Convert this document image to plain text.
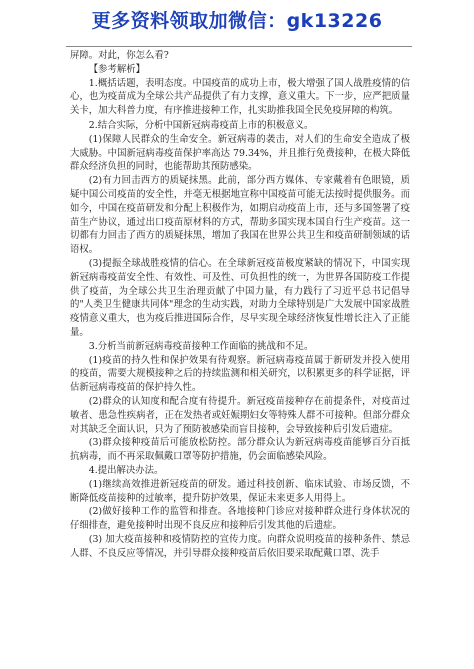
更多资料领取加微信：gk13226

屏障。对此，你怎么看?

【参考解析】

1.概括话题，表明态度。中国疫苗的成功上市，极大增强了国人战胜疫情的信心，也为疫苗成为全球公共产品提供了有力支撑，意义重大。下一步，应严把质量关卡，加大科普力度，有序推进接种工作，扎实助推我国全民免疫屏障的构筑。

2.结合实际，分析中国新冠病毒疫苗上市的积极意义。

(1)保障人民群众的生命安全。新冠病毒的袭击，对人们的生命安全造成了极大威胁。中国新冠病毒疫苗保护率高达 79.34%，并且推行免费接种，在极大降低群众经济负担的同时，也能帮助其预防感染。

(2)有力回击西方的质疑抹黑。此前，部分西方媒体、专家戴着有色眼镜，质疑中国公司疫苗的安全性，并毫无根据地宣称中国疫苗可能无法按时提供服务。而如今，中国在疫苗研发和分配上积极作为，如期启动疫苗上市，还与多国签署了疫苗生产协议，通过出口疫苗原材料的方式，帮助多国实现本国自行生产疫苗。这一切都有力回击了西方的质疑抹黑，增加了我国在世界公共卫生和疫苗研制领域的话语权。

(3)提振全球战胜疫情的信心。在全球新冠疫苗极度紧缺的情况下，中国实现新冠病毒疫苗安全性、有效性、可及性、可负担性的统一，为世界各国防疫工作提供了疫苗，为全球公共卫生治理贡献了中国力量，有力践行了习近平总书记倡导的"人类卫生健康共同体"理念的生动实践，对助力全球特别是广大发展中国家战胜疫情意义重大，也为疫后推进国际合作，尽早实现全球经济恢复性增长注入了正能量。

3.分析当前新冠病毒疫苗接种工作面临的挑战和不足。

(1)疫苗的持久性和保护效果有待观察。新冠病毒疫苗属于新研发并投入使用的疫苗，需要大规模接种之后的持续监测和相关研究，以积累更多的科学证据，评估新冠病毒疫苗的保护持久性。

(2)群众的认知度和配合度有待提升。新冠疫苗接种存在前提条件，对疫苗过敏者、患急性疾病者，正在发热者或妊娠期妇女等特殊人群不可接种。但部分群众对其缺乏全面认识，只为了预防被感染而盲目接种，会导致接种后引发后遗症。

(3)群众接种疫苗后可能放松防控。部分群众认为新冠病毒疫苗能够百分百抵抗病毒，而不再采取佩戴口罩等防护措施，仍会面临感染风险。

4.提出解决办法。

(1)继续高效推进新冠疫苗的研发。通过科技创新、临床试验、市场反馈，不断降低疫苗接种的过敏率，提升防护效果，保证未来更多人用得上。

(2)做好接种工作的监管和排查。各地接种门诊应对接种群众进行身体状况的仔细排查，避免接种时出现不良反应和接种后引发其他的后遗症。

(3) 加大疫苗接种和疫情防控的宣传力度。向群众说明疫苗的接种条件、禁忌人群、不良反应等情况，并引导群众接种疫苗后依旧要采取配戴口罩、洗手
